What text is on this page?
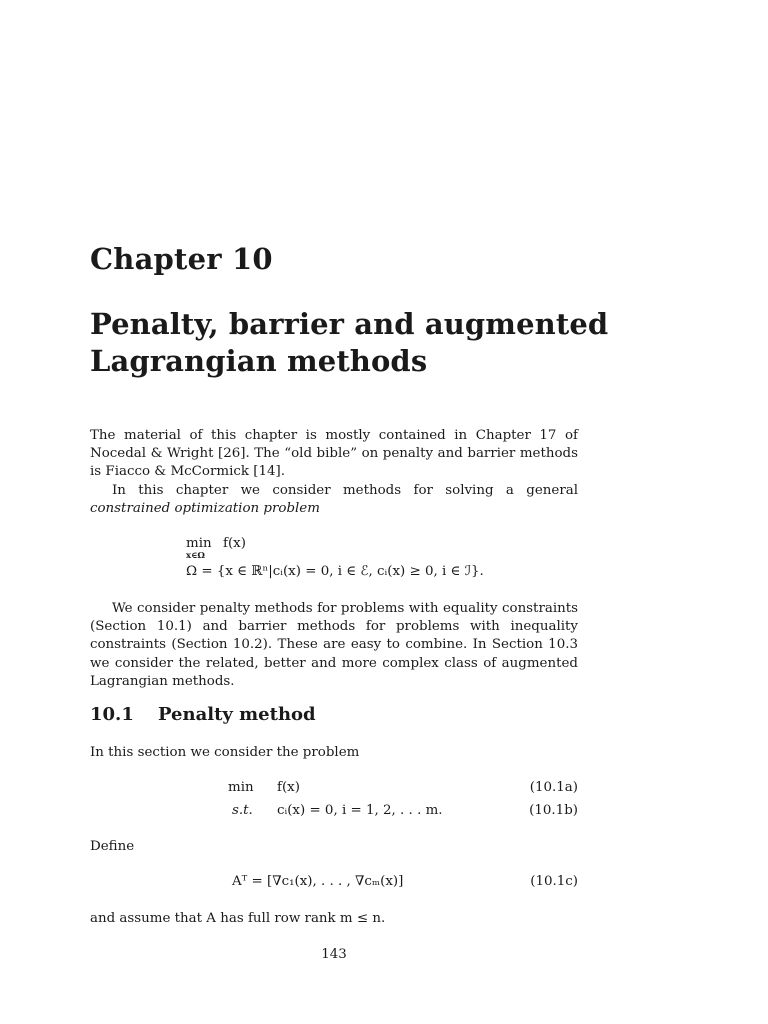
Chapter 10
Penalty, barrier and augmented Lagrangian methods
The material of this chapter is mostly contained in Chapter 17 of Nocedal & Wright [26]. The “old bible” on penalty and barrier methods is Fiacco & McCormick [14].
In this chapter we consider methods for solving a general constrained optimization problem
min
x∈Ω
f(x)
Ω = {x ∈ ℝⁿ|cᵢ(x) = 0, i ∈ ℰ, cᵢ(x) ≥ 0, i ∈ ℐ}.
We consider penalty methods for problems with equality constraints (Section 10.1) and barrier methods for problems with inequality constraints (Section 10.2). These are easy to combine. In Section 10.3 we consider the related, better and more complex class of augmented Lagrangian methods.
10.1 Penalty method
In this section we consider the problem
min f(x)	(10.1a)
s.t. cᵢ(x) = 0, i = 1, 2, . . . m.	(10.1b)
Define
Aᵀ = [∇c₁(x), . . . , ∇cₘ(x)]	(10.1c)
and assume that A has full row rank m ≤ n.
143
